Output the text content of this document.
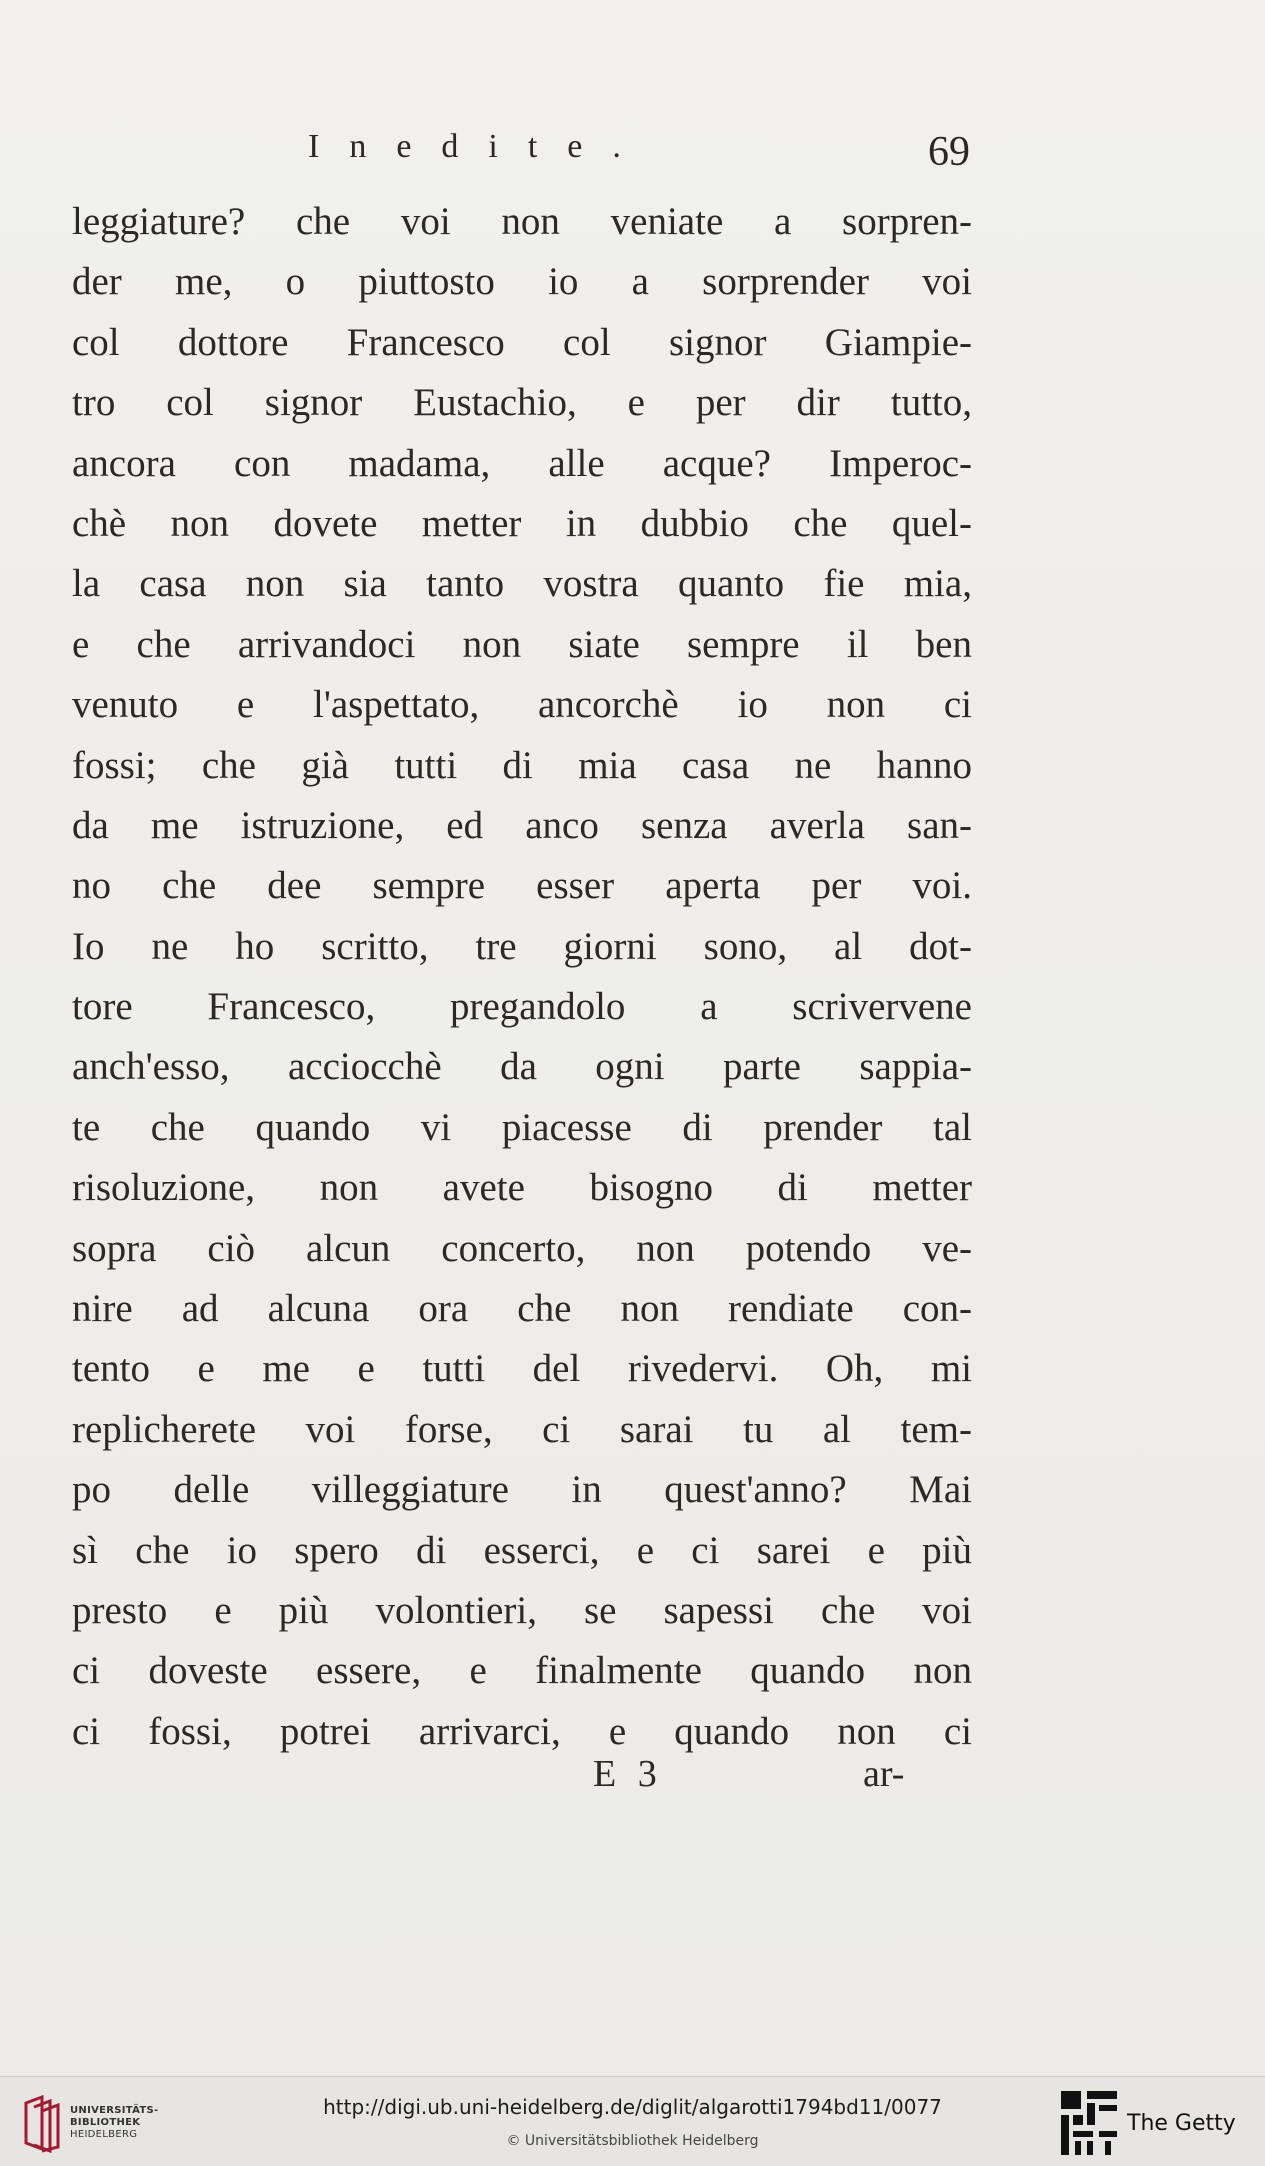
Inedite.	69
leggiature? che voi non veniate a sorpren-
der me, o piuttosto io a sorprender voi
col dottore Francesco col signor Giampie-
tro col signor Eustachio, e per dir tutto,
ancora con madama, alle acque? Imperoc-
chè non dovete metter in dubbio che quel-
la casa non sia tanto vostra quanto fie mia,
e che arrivandoci non siate sempre il ben
venuto e l'aspettato, ancorchè io non ci
fossi; che già tutti di mia casa ne hanno
da me istruzione, ed anco senza averla san-
no che dee sempre esser aperta per voi.
Io ne ho scritto, tre giorni sono, al dot-
tore Francesco, pregandolo a scrivervene
anch'esso, acciocchè da ogni parte sappia-
te che quando vi piacesse di prender tal
risoluzione, non avete bisogno di metter
sopra ciò alcun concerto, non potendo ve-
nire ad alcuna ora che non rendiate con-
tento e me e tutti del rivedervi. Oh, mi
replicherete voi forse, ci sarai tu al tem-
po delle villeggiature in quest'anno? Mai
sì che io spero di esserci, e ci sarei e più
presto e più volontieri, se sapessi che voi
ci doveste essere, e finalmente quando non
ci fossi, potrei arrivarci, e quando non ci
E 3	ar-
UNIVERSITÄTS-
BIBLIOTHEK
HEIDELBERG
http://digi.ub.uni-heidelberg.de/diglit/algarotti1794bd11/0077
© Universitätsbibliothek Heidelberg
The Getty
